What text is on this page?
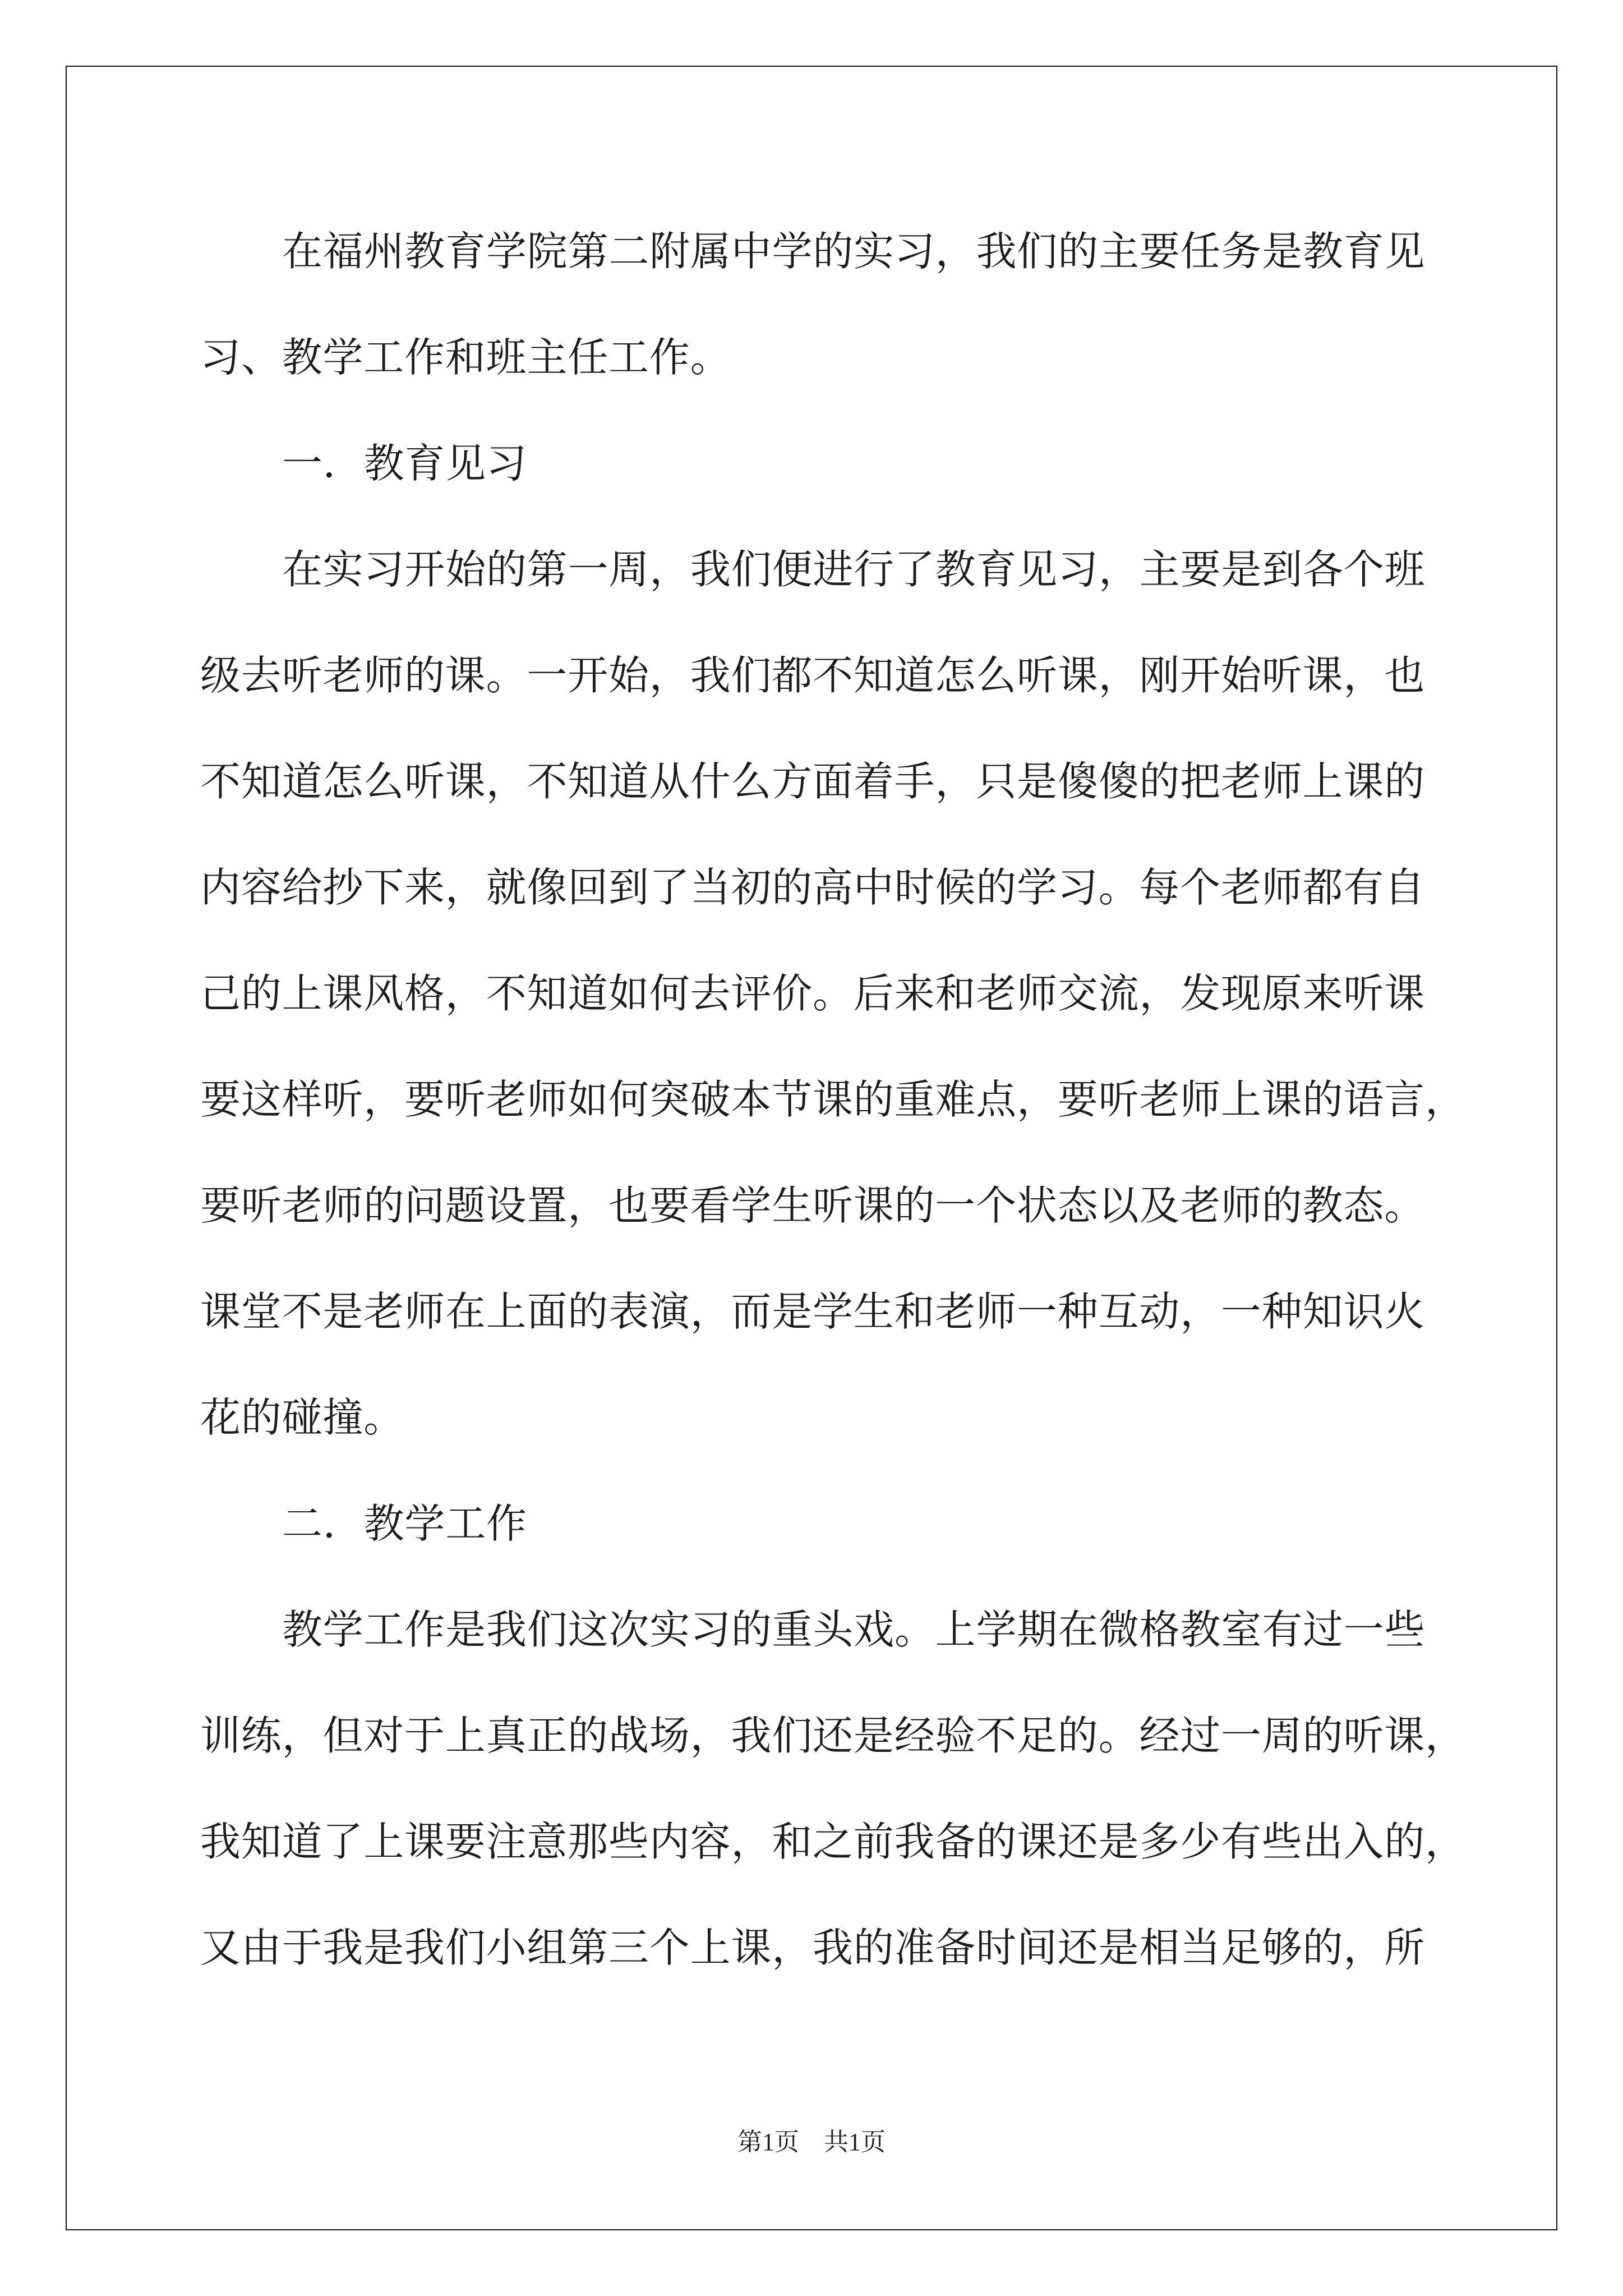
在福州教育学院第二附属中学的实习，我们的主要任务是教育见
习、教学工作和班主任工作。
一．教育见习
在实习开始的第一周，我们便进行了教育见习，主要是到各个班
级去听老师的课。一开始，我们都不知道怎么听课，刚开始听课，也
不知道怎么听课，不知道从什么方面着手，只是傻傻的把老师上课的
内容给抄下来，就像回到了当初的高中时候的学习。每个老师都有自
己的上课风格，不知道如何去评价。后来和老师交流，发现原来听课
要这样听，要听老师如何突破本节课的重难点，要听老师上课的语言，
要听老师的问题设置，也要看学生听课的一个状态以及老师的教态。
课堂不是老师在上面的表演，而是学生和老师一种互动，一种知识火
花的碰撞。
二．教学工作
教学工作是我们这次实习的重头戏。上学期在微格教室有过一些
训练，但对于上真正的战场，我们还是经验不足的。经过一周的听课，
我知道了上课要注意那些内容，和之前我备的课还是多少有些出入的，
又由于我是我们小组第三个上课，我的准备时间还是相当足够的，所
第1页　共1页
